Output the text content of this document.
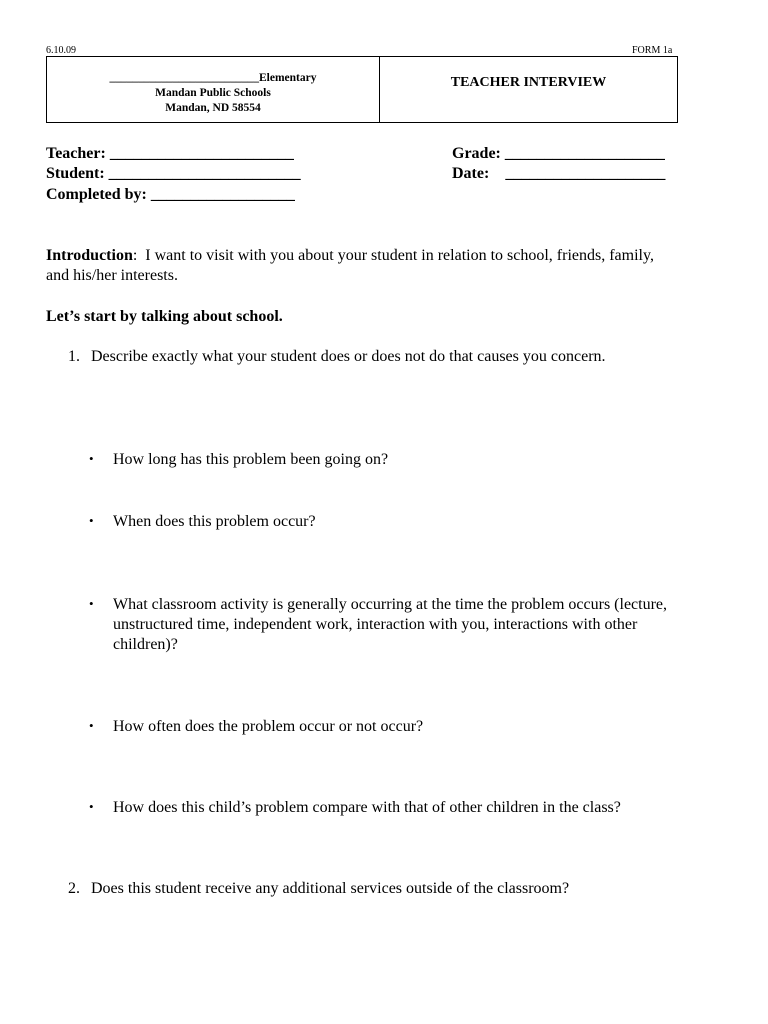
6.10.09	FORM 1a
__________________________Elementary
Mandan Public Schools
Mandan, ND 58554
TEACHER INTERVIEW
Teacher: _______________________	Grade: ____________________
Student: ________________________	Date:    ____________________
Completed by: __________________
Introduction:  I want to visit with you about your student in relation to school, friends, family,
and his/her interests.
Let’s start by talking about school.
1. Describe exactly what your student does or does not do that causes you concern.
• How long has this problem been going on?
• When does this problem occur?
• What classroom activity is generally occurring at the time the problem occurs (lecture,
unstructured time, independent work, interaction with you, interactions with other
children)?
• How often does the problem occur or not occur?
• How does this child’s problem compare with that of other children in the class?
2. Does this student receive any additional services outside of the classroom?
